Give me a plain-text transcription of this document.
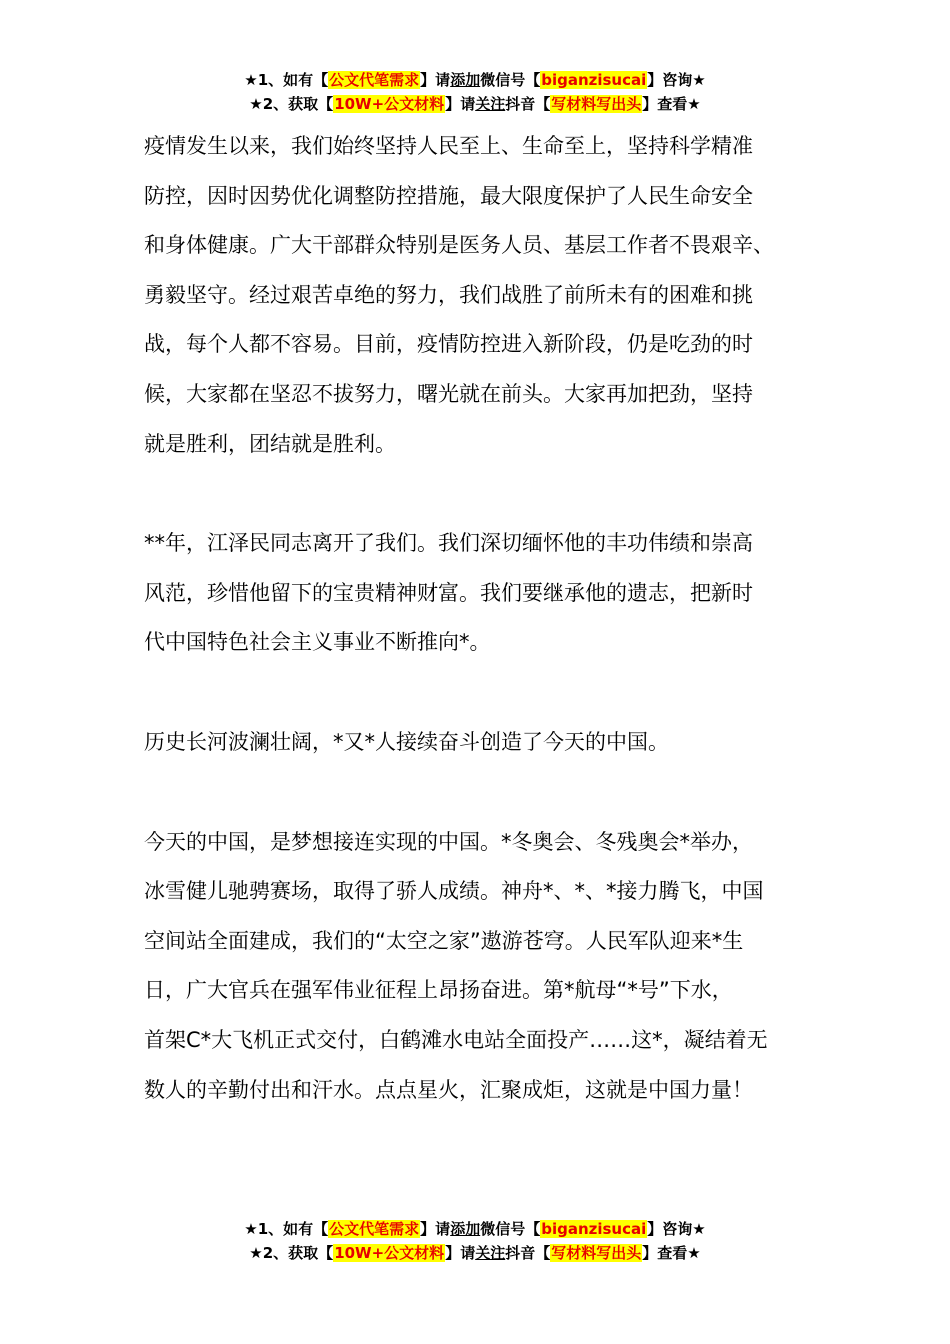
★1、如有【公文代笔需求】请添加微信号【biganzisucai】咨询★
★2、获取【10W+公文材料】请关注抖音【写材料写出头】查看★
疫情发生以来，我们始终坚持人民至上、生命至上，坚持科学精准
防控，因时因势优化调整防控措施，最大限度保护了人民生命安全
和身体健康。广大干部群众特别是医务人员、基层工作者不畏艰辛、
勇毅坚守。经过艰苦卓绝的努力，我们战胜了前所未有的困难和挑
战，每个人都不容易。目前，疫情防控进入新阶段，仍是吃劲的时
候，大家都在坚忍不拔努力，曙光就在前头。大家再加把劲，坚持
就是胜利，团结就是胜利。
**年，江泽民同志离开了我们。我们深切缅怀他的丰功伟绩和崇高
风范，珍惜他留下的宝贵精神财富。我们要继承他的遗志，把新时
代中国特色社会主义事业不断推向*。
历史长河波澜壮阔，*又*人接续奋斗创造了今天的中国。
今天的中国，是梦想接连实现的中国。*冬奥会、冬残奥会*举办，
冰雪健儿驰骋赛场，取得了骄人成绩。神舟*、*、*接力腾飞，中国
空间站全面建成，我们的“太空之家”遨游苍穹。人民军队迎来*生
日，广大官兵在强军伟业征程上昂扬奋进。第*航母“*号”下水，
首架C*大飞机正式交付，白鹤滩水电站全面投产……这*，凝结着无
数人的辛勤付出和汗水。点点星火，汇聚成炬，这就是中国力量！
★1、如有【公文代笔需求】请添加微信号【biganzisucai】咨询★
★2、获取【10W+公文材料】请关注抖音【写材料写出头】查看★
